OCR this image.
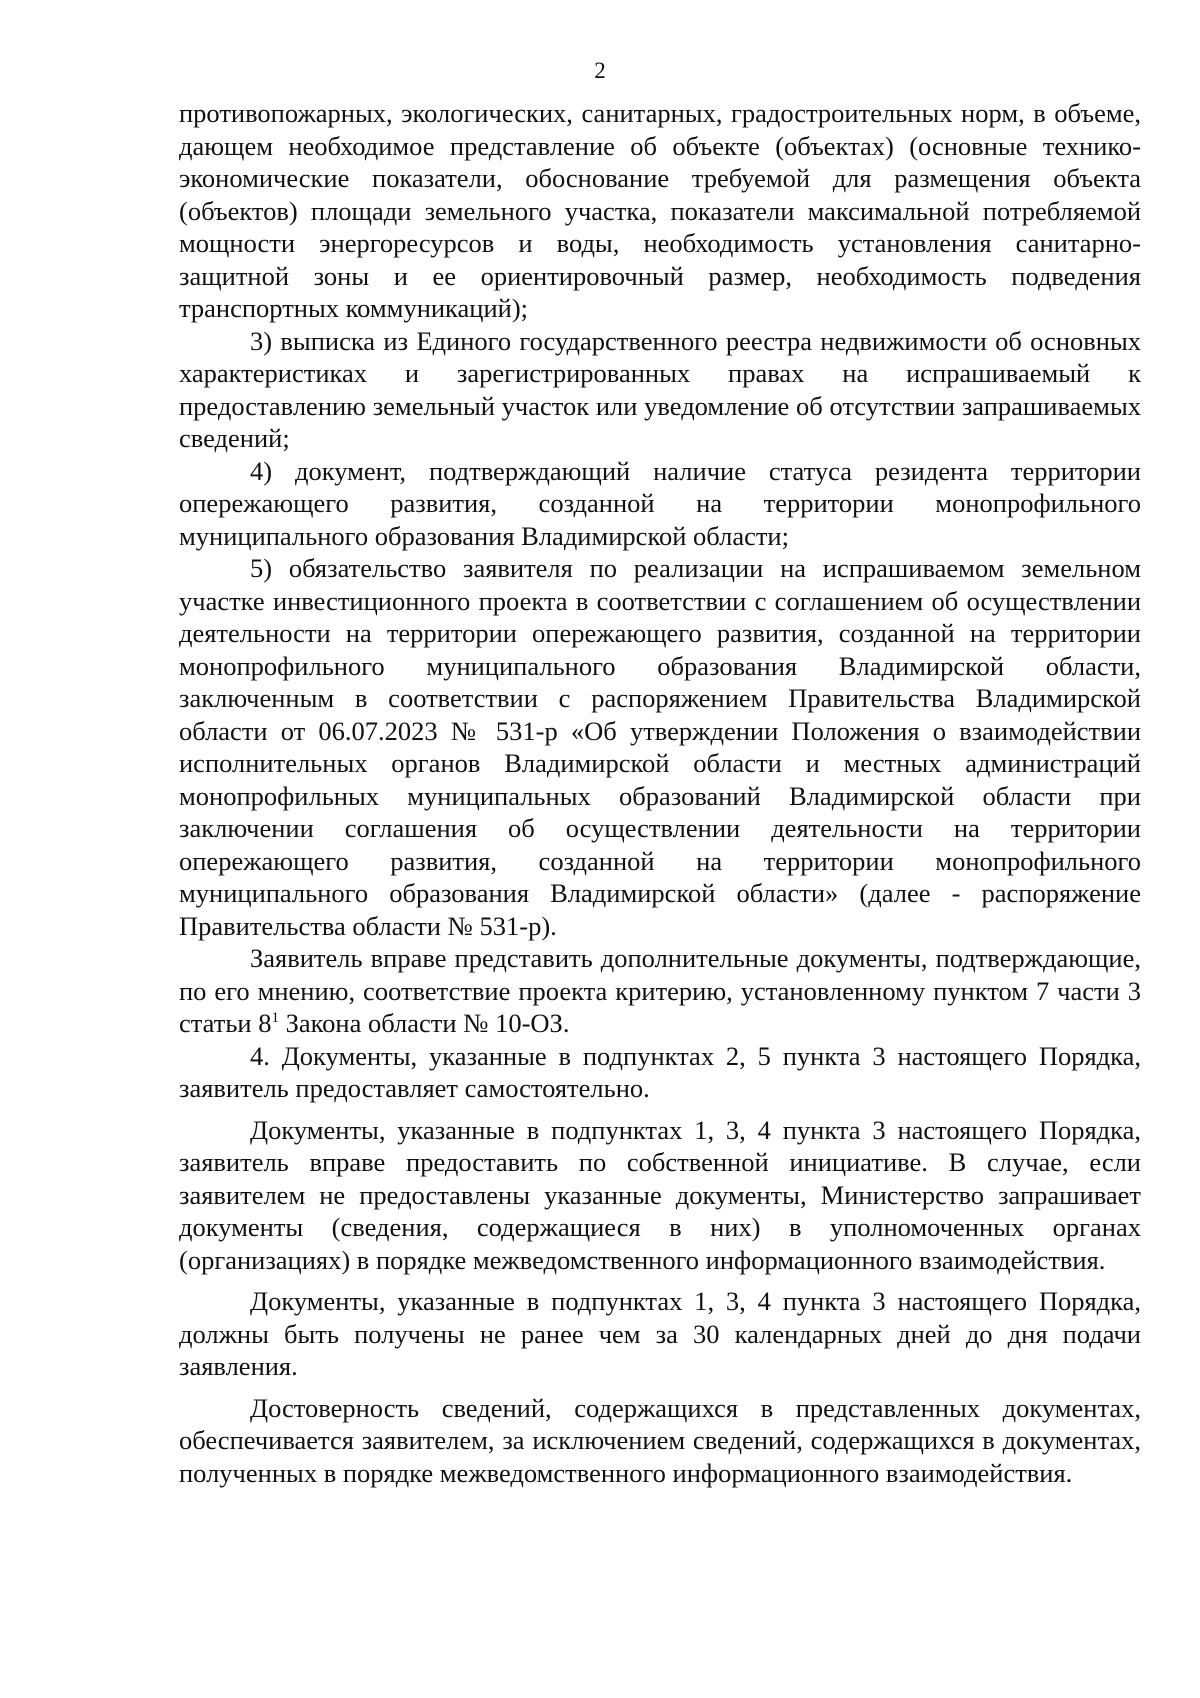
2

противопожарных, экологических, санитарных, градостроительных норм, в объеме, дающем необходимое представление об объекте (объектах) (основные технико-экономические показатели, обоснование требуемой для размещения объекта (объектов) площади земельного участка, показатели максимальной потребляемой мощности энергоресурсов и воды, необходимость установления санитарно-защитной зоны и ее ориентировочный размер, необходимость подведения транспортных коммуникаций);

3) выписка из Единого государственного реестра недвижимости об основных характеристиках и зарегистрированных правах на испрашиваемый к предоставлению земельный участок или уведомление об отсутствии запрашиваемых сведений;

4) документ, подтверждающий наличие статуса резидента территории опережающего развития, созданной на территории монопрофильного муниципального образования Владимирской области;

5) обязательство заявителя по реализации на испрашиваемом земельном участке инвестиционного проекта в соответствии с соглашением об осуществлении деятельности на территории опережающего развития, созданной на территории монопрофильного муниципального образования Владимирской области, заключенным в соответствии с распоряжением Правительства Владимирской области от 06.07.2023 № 531-р «Об утверждении Положения о взаимодействии исполнительных органов Владимирской области и местных администраций монопрофильных муниципальных образований Владимирской области при заключении соглашения об осуществлении деятельности на территории опережающего развития, созданной на территории монопрофильного муниципального образования Владимирской области» (далее - распоряжение Правительства области № 531-р).

Заявитель вправе представить дополнительные документы, подтверждающие, по его мнению, соответствие проекта критерию, установленному пунктом 7 части 3 статьи $8^1$ Закона области № 10-ОЗ.

4. Документы, указанные в подпунктах 2, 5 пункта 3 настоящего Порядка, заявитель предоставляет самостоятельно.

Документы, указанные в подпунктах 1, 3, 4 пункта 3 настоящего Порядка, заявитель вправе предоставить по собственной инициативе. В случае, если заявителем не предоставлены указанные документы, Министерство запрашивает документы (сведения, содержащиеся в них) в уполномоченных органах (организациях) в порядке межведомственного информационного взаимодействия.

Документы, указанные в подпунктах 1, 3, 4 пункта 3 настоящего Порядка, должны быть получены не ранее чем за 30 календарных дней до дня подачи заявления.

Достоверность сведений, содержащихся в представленных документах, обеспечивается заявителем, за исключением сведений, содержащихся в документах, полученных в порядке межведомственного информационного взаимодействия.
